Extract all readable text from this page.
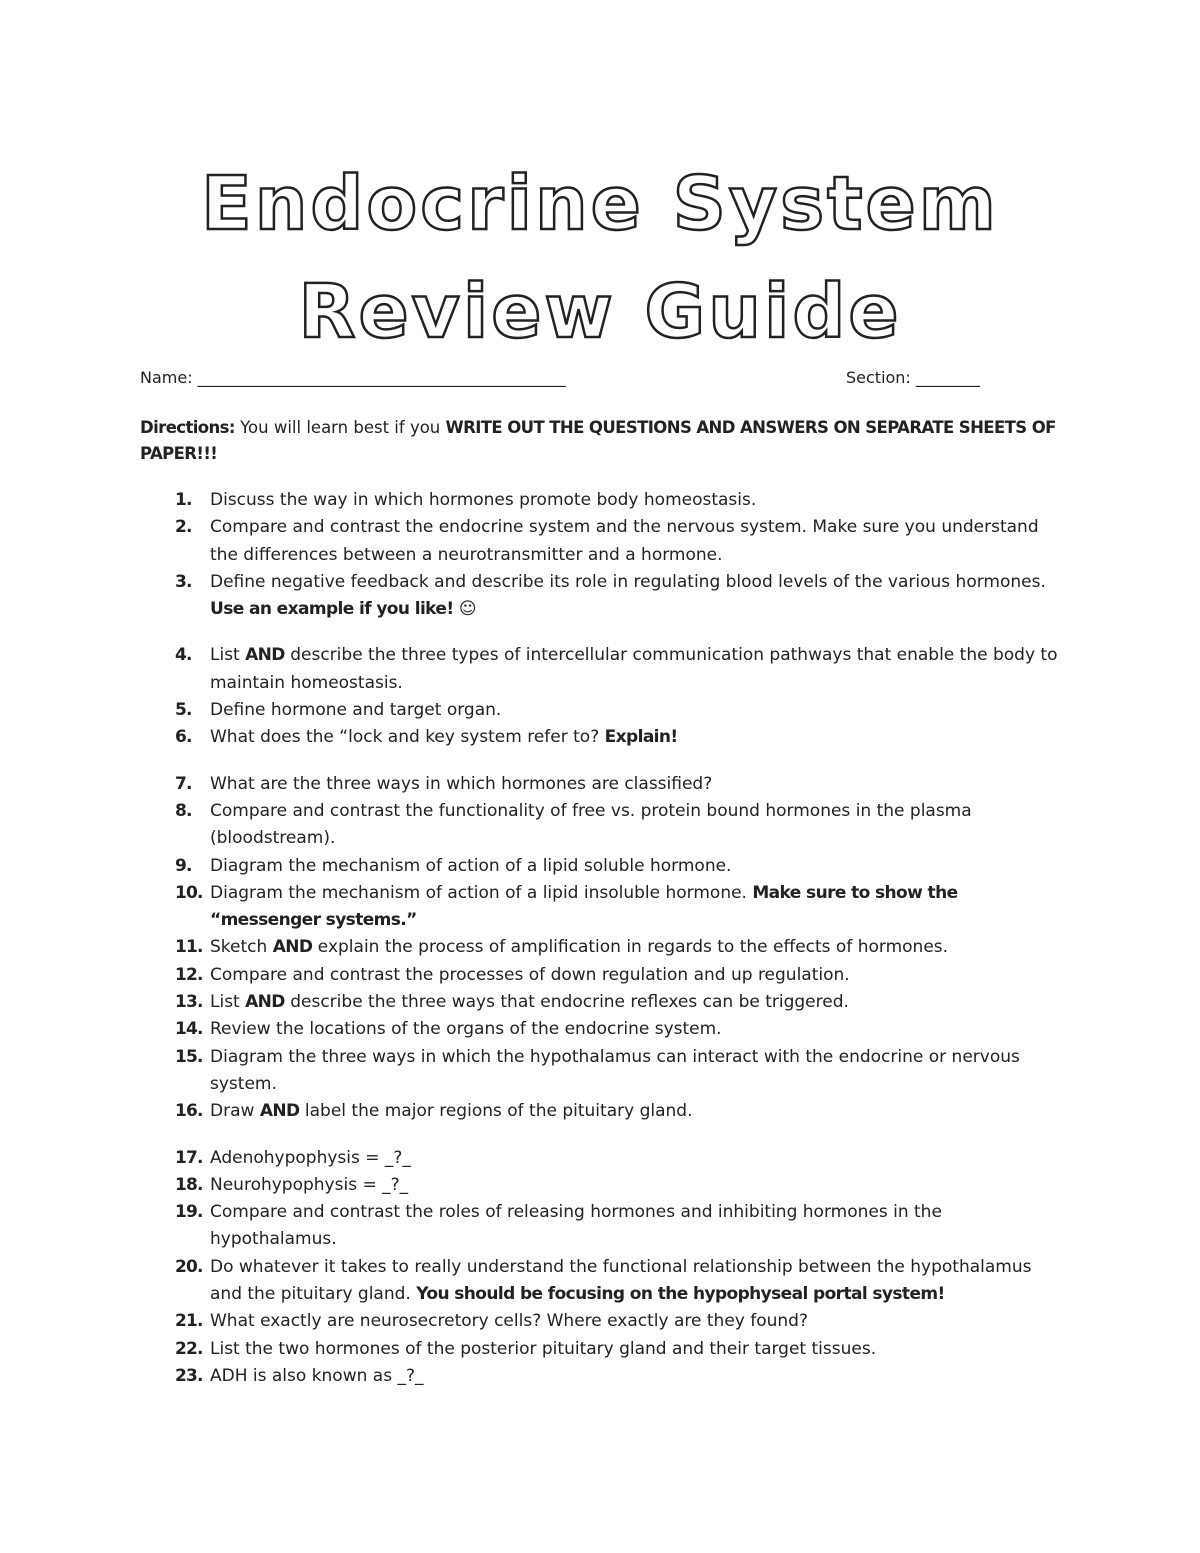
Endocrine System
Review Guide
Name: ______________________________________________	Section: ________
Directions: You will learn best if you WRITE OUT THE QUESTIONS AND ANSWERS ON SEPARATE SHEETS OF PAPER!!!
1. Discuss the way in which hormones promote body homeostasis.
2. Compare and contrast the endocrine system and the nervous system. Make sure you understand the differences between a neurotransmitter and a hormone.
3. Define negative feedback and describe its role in regulating blood levels of the various hormones. Use an example if you like! ☺
4. List AND describe the three types of intercellular communication pathways that enable the body to maintain homeostasis.
5. Define hormone and target organ.
6. What does the “lock and key system refer to? Explain!
7. What are the three ways in which hormones are classified?
8. Compare and contrast the functionality of free vs. protein bound hormones in the plasma (bloodstream).
9. Diagram the mechanism of action of a lipid soluble hormone.
10. Diagram the mechanism of action of a lipid insoluble hormone. Make sure to show the “messenger systems.”
11. Sketch AND explain the process of amplification in regards to the effects of hormones.
12. Compare and contrast the processes of down regulation and up regulation.
13. List AND describe the three ways that endocrine reflexes can be triggered.
14. Review the locations of the organs of the endocrine system.
15. Diagram the three ways in which the hypothalamus can interact with the endocrine or nervous system.
16. Draw AND label the major regions of the pituitary gland.
17. Adenohypophysis = _?_
18. Neurohypophysis = _?_
19. Compare and contrast the roles of releasing hormones and inhibiting hormones in the hypothalamus.
20. Do whatever it takes to really understand the functional relationship between the hypothalamus and the pituitary gland. You should be focusing on the hypophyseal portal system!
21. What exactly are neurosecretory cells? Where exactly are they found?
22. List the two hormones of the posterior pituitary gland and their target tissues.
23. ADH is also known as _?_
